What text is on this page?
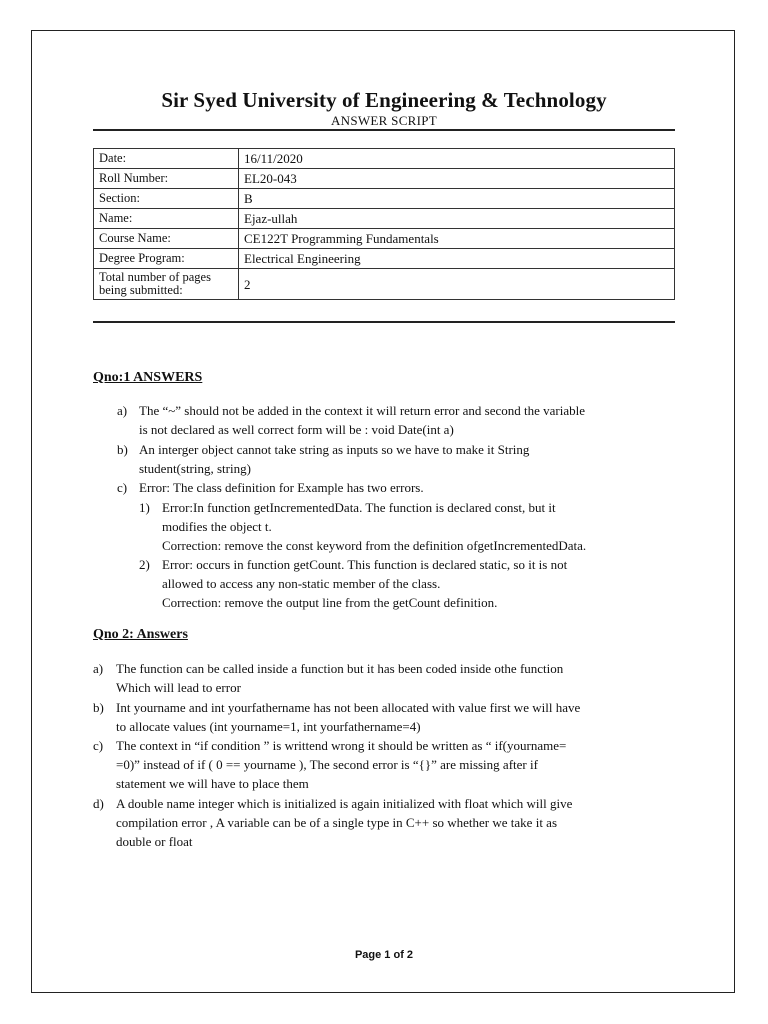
Sir Syed University of Engineering & Technology
ANSWER SCRIPT
Date:	16/11/2020
Roll Number:	EL20-043
Section:	B
Name:	Ejaz-ullah
Course Name:	CE122T Programming Fundamentals
Degree Program:	Electrical Engineering

Total number of pages
being submitted:	2
Qno:1 ANSWERS
a) The “~” should not be added in the context it will return error and second the variable
is not declared as well correct form will be : void Date(int a)
b) An interger object cannot take string as inputs so we have to make it String
student(string, string)
c) Error: The class definition for Example has two errors.
1) Error:In function getIncrementedData. The function is declared const, but it
modifies the object t.
Correction: remove the const keyword from the definition ofgetIncrementedData.
2) Error: occurs in function getCount. This function is declared static, so it is not
allowed to access any non-static member of the class.
Correction: remove the output line from the getCount definition.
Qno 2: Answers
a) The function can be called inside a function but it has been coded inside othe function
Which will lead to error
b) Int yourname and int yourfathername has not been allocated with value first we will have
to allocate values (int yourname=1, int yourfathername=4)
c) The context in “if condition ” is writtend wrong it should be written as “ if(yourname=
=0)” instead of if ( 0 == yourname ), The second error is “{}” are missing after if
statement we will have to place them
d) A double name integer which is initialized is again initialized with float which will give
compilation error , A variable can be of a single type in C++ so whether we take it as
double or float
Page 1 of 2
